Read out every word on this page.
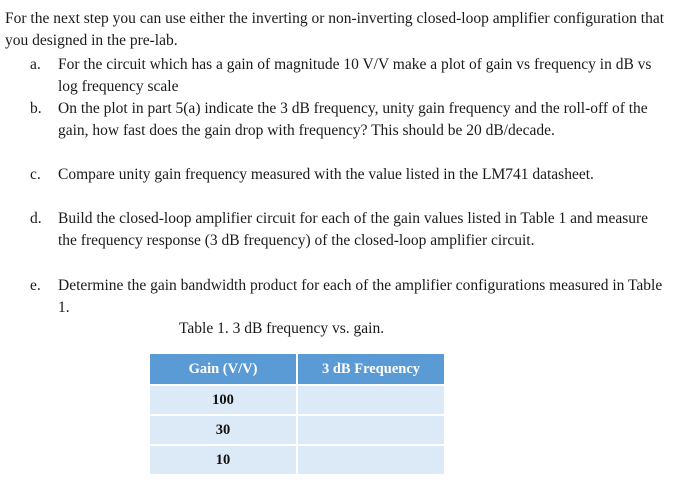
For the next step you can use either the inverting or non-inverting closed-loop amplifier configuration that you designed in the pre-lab.
a.	For the circuit which has a gain of magnitude 10 V/V make a plot of gain vs frequency in dB vs log frequency scale
b.	On the plot in part 5(a) indicate the 3 dB frequency, unity gain frequency and the roll-off of the gain, how fast does the gain drop with frequency? This should be 20 dB/decade.
c.	Compare unity gain frequency measured with the value listed in the LM741 datasheet.
d.	Build the closed-loop amplifier circuit for each of the gain values listed in Table 1 and measure the frequency response (3 dB frequency) of the closed-loop amplifier circuit.
e.	Determine the gain bandwidth product for each of the amplifier configurations measured in Table 1.
Table 1. 3 dB frequency vs. gain.
Gain (V/V)	3 dB Frequency
100	
30	
10	
